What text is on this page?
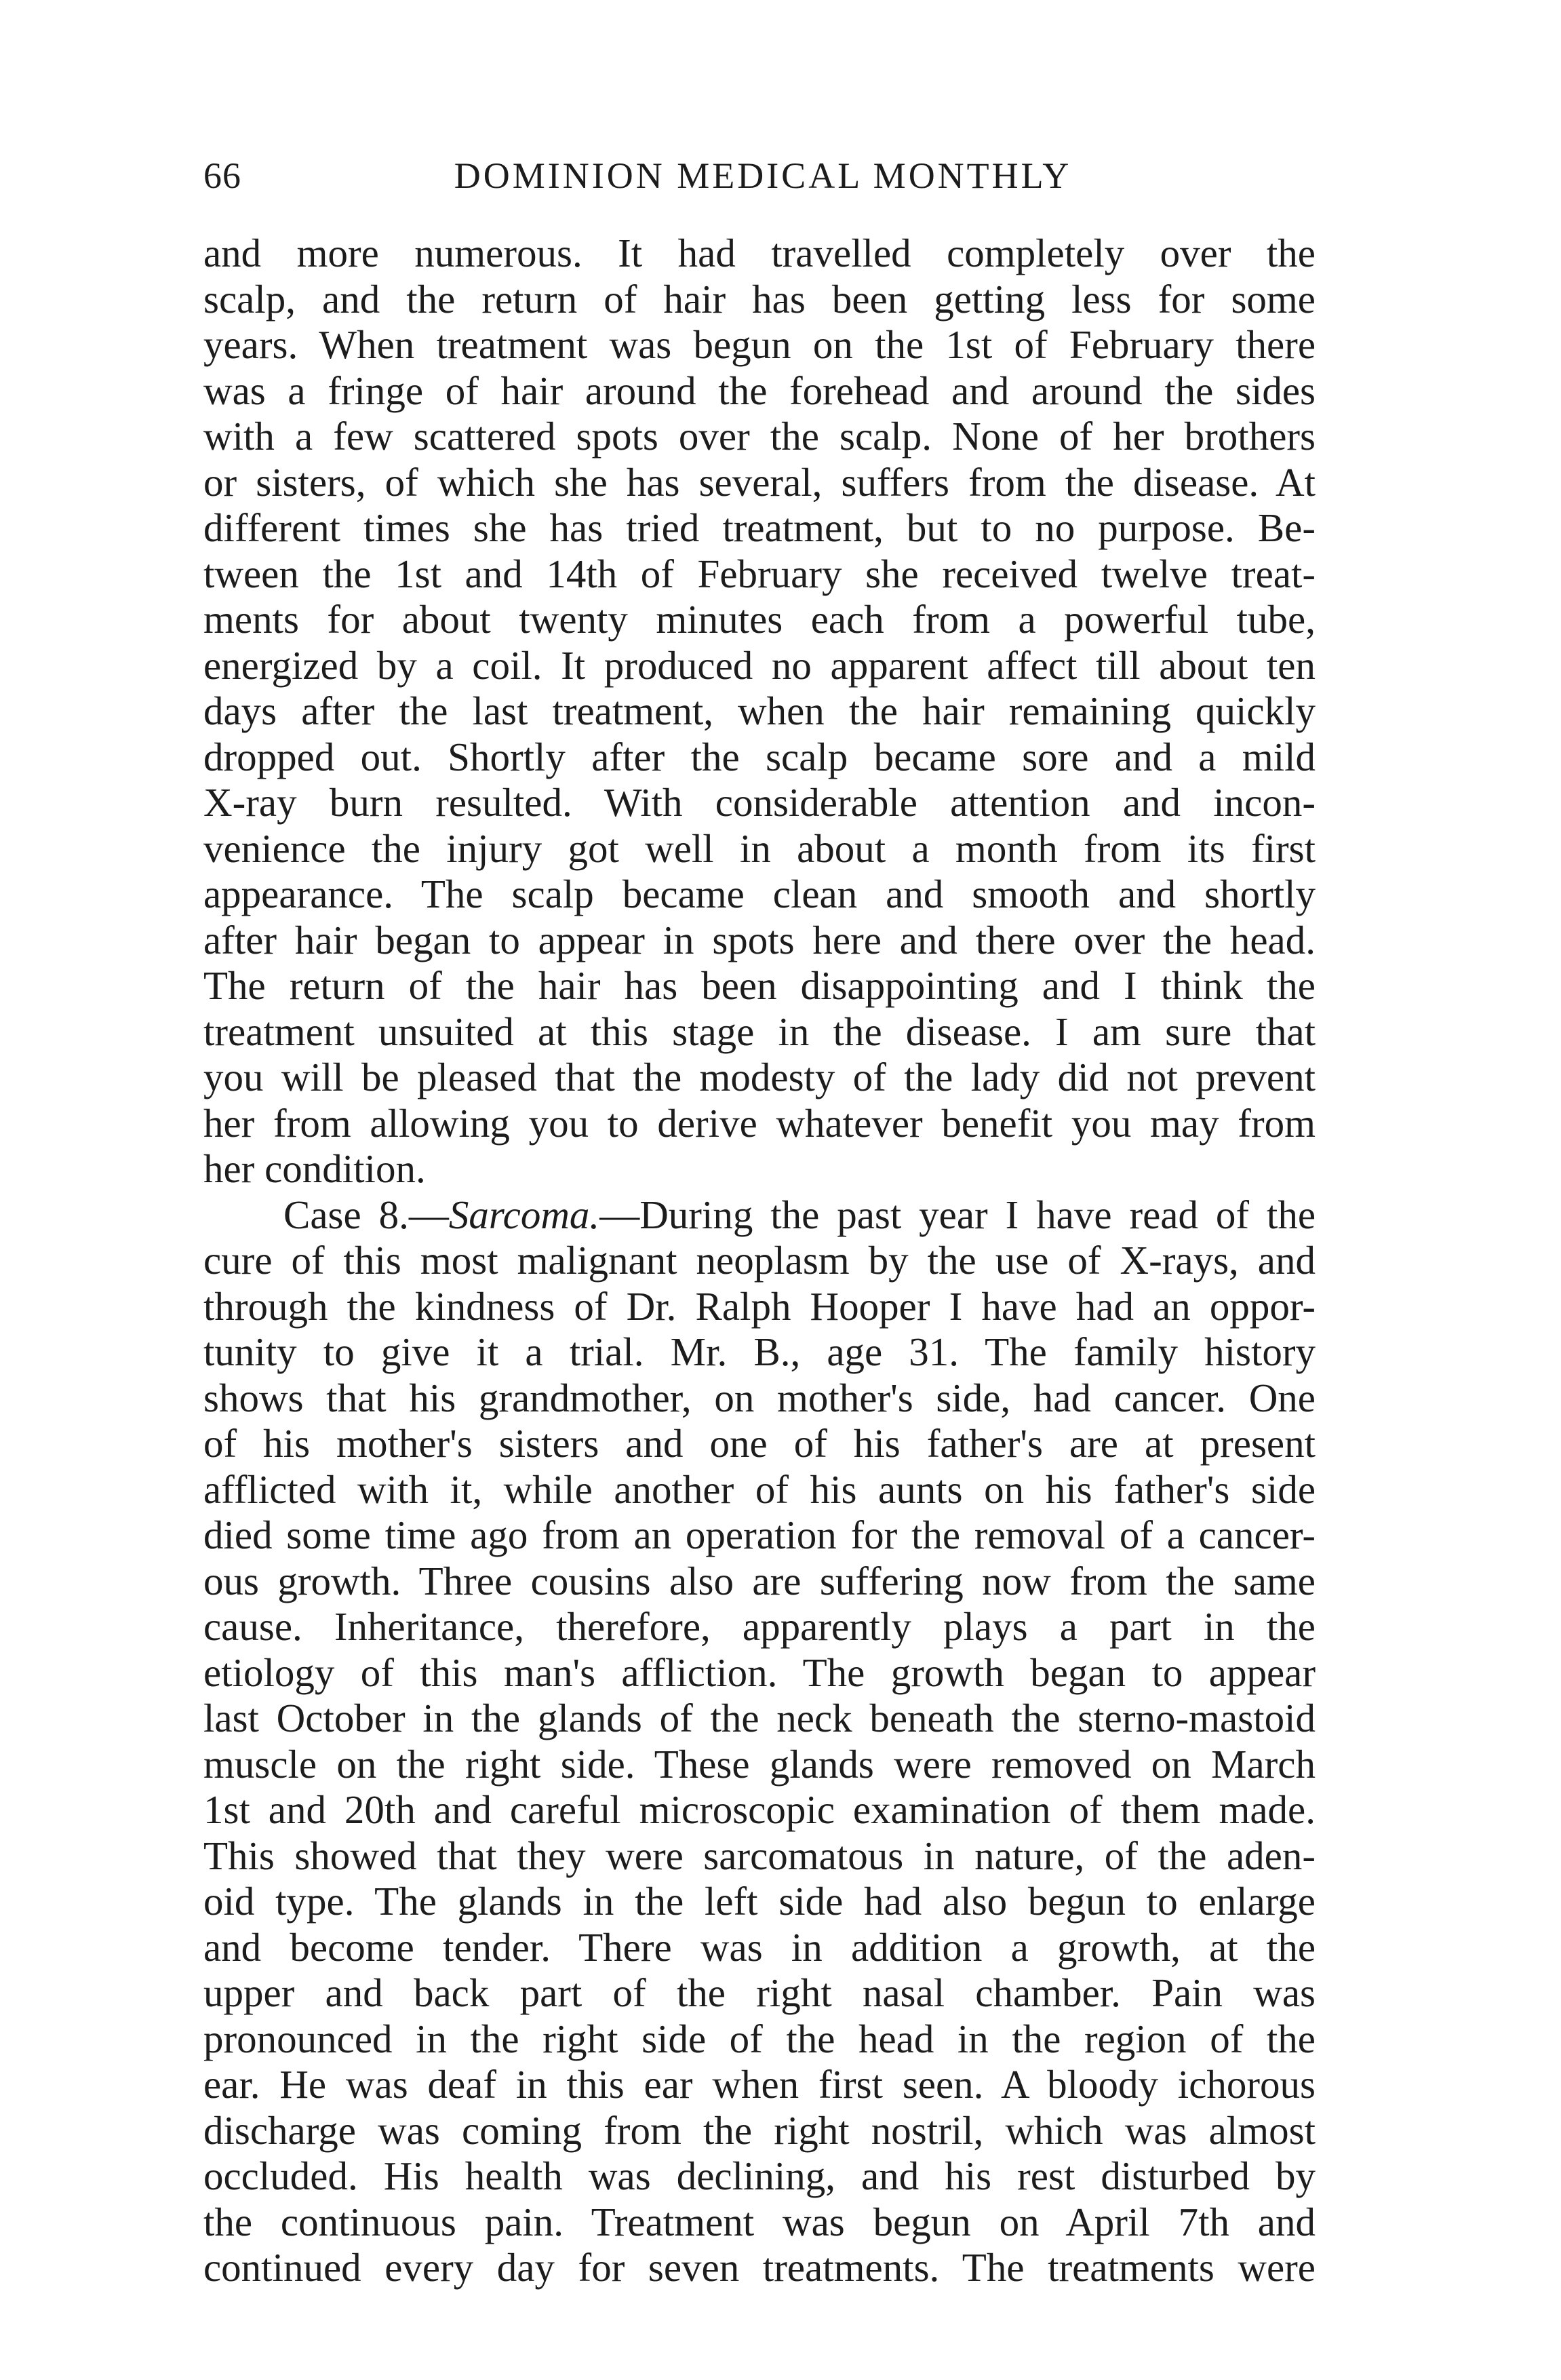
66	DOMINION MEDICAL MONTHLY
and more numerous. It had travelled completely over the
scalp, and the return of hair has been getting less for some
years. When treatment was begun on the 1st of February there
was a fringe of hair around the forehead and around the sides
with a few scattered spots over the scalp. None of her brothers
or sisters, of which she has several, suffers from the disease. At
different times she has tried treatment, but to no purpose. Be-
tween the 1st and 14th of February she received twelve treat-
ments for about twenty minutes each from a powerful tube,
energized by a coil. It produced no apparent affect till about ten
days after the last treatment, when the hair remaining quickly
dropped out. Shortly after the scalp became sore and a mild
X-ray burn resulted. With considerable attention and incon-
venience the injury got well in about a month from its first
appearance. The scalp became clean and smooth and shortly
after hair began to appear in spots here and there over the head.
The return of the hair has been disappointing and I think the
treatment unsuited at this stage in the disease. I am sure that
you will be pleased that the modesty of the lady did not prevent
her from allowing you to derive whatever benefit you may from
her condition.
Case 8.—Sarcoma.—During the past year I have read of the
cure of this most malignant neoplasm by the use of X-rays, and
through the kindness of Dr. Ralph Hooper I have had an oppor-
tunity to give it a trial. Mr. B., age 31. The family history
shows that his grandmother, on mother's side, had cancer. One
of his mother's sisters and one of his father's are at present
afflicted with it, while another of his aunts on his father's side
died some time ago from an operation for the removal of a cancer-
ous growth. Three cousins also are suffering now from the same
cause. Inheritance, therefore, apparently plays a part in the
etiology of this man's affliction. The growth began to appear
last October in the glands of the neck beneath the sterno-mastoid
muscle on the right side. These glands were removed on March
1st and 20th and careful microscopic examination of them made.
This showed that they were sarcomatous in nature, of the aden-
oid type. The glands in the left side had also begun to enlarge
and become tender. There was in addition a growth, at the
upper and back part of the right nasal chamber. Pain was
pronounced in the right side of the head in the region of the
ear. He was deaf in this ear when first seen. A bloody ichorous
discharge was coming from the right nostril, which was almost
occluded. His health was declining, and his rest disturbed by
the continuous pain. Treatment was begun on April 7th and
continued every day for seven treatments. The treatments were
